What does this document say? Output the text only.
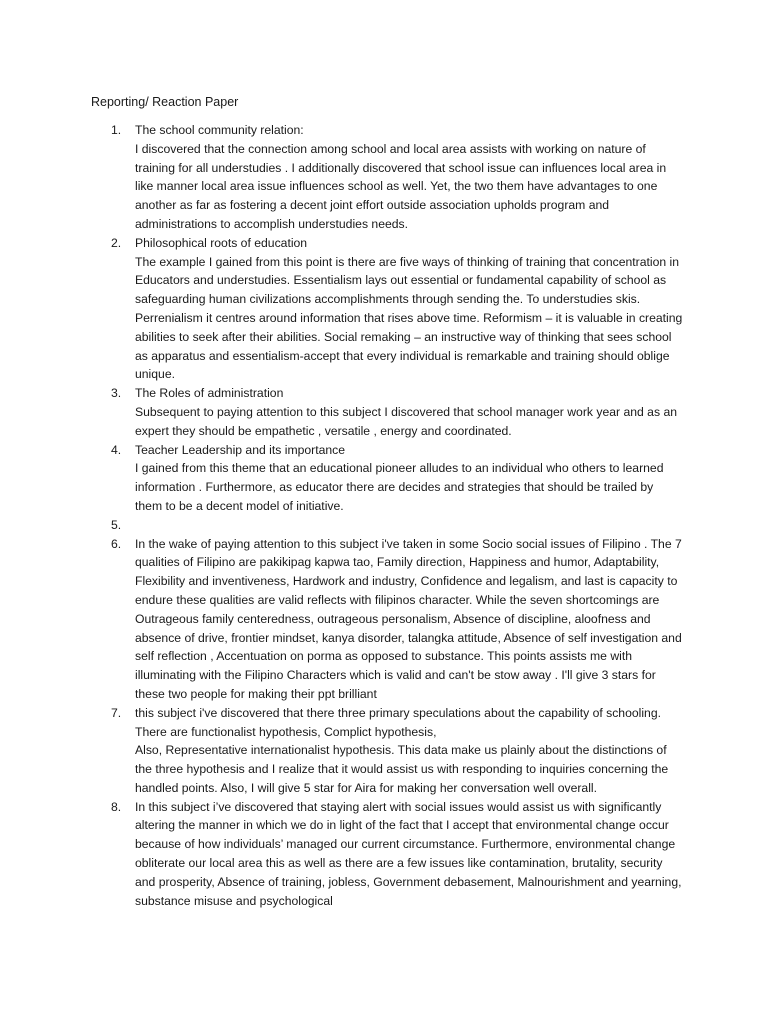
Reporting/ Reaction Paper
1. The school community relation:
I discovered that the connection among school and local area assists with working on nature of training for all understudies . I additionally discovered that school issue can influences local area in like manner local area issue influences school as well. Yet, the two them have advantages to one another as far as fostering a decent joint effort outside association upholds program and administrations to accomplish understudies needs.
2. Philosophical roots of education
The example I gained from this point is there are five ways of thinking of training that concentration in Educators and understudies. Essentialism lays out essential or fundamental capability of school as safeguarding human civilizations accomplishments through sending the. To understudies skis. Perrenialism it centres around information that rises above time. Reformism – it is valuable in creating abilities to seek after their abilities. Social remaking – an instructive way of thinking that sees school as apparatus and essentialism-accept that every individual is remarkable and training should oblige unique.
3. The Roles of administration
Subsequent to paying attention to this subject I discovered that school manager work year and as an expert they should be empathetic , versatile , energy and coordinated.
4. Teacher Leadership and its importance
I gained from this theme that an educational pioneer alludes to an individual who others to learned information . Furthermore, as educator there are decides and strategies that should be trailed by them to be a decent model of initiative.
5.
6. In the wake of paying attention to this subject i've taken in some Socio social issues of Filipino . The 7 qualities of Filipino are pakikipag kapwa tao, Family direction, Happiness and humor, Adaptability, Flexibility and inventiveness, Hardwork and industry, Confidence and legalism, and last is capacity to endure these qualities are valid reflects with filipinos character. While the seven shortcomings are Outrageous family centeredness, outrageous personalism, Absence of discipline, aloofness and absence of drive, frontier mindset, kanya disorder, talangka attitude, Absence of self investigation and self reflection , Accentuation on porma as opposed to substance. This points assists me with illuminating with the Filipino Characters which is valid and can't be stow away . I'll give 3 stars for these two people for making their ppt brilliant
7. this subject i've discovered that there three primary speculations about the capability of schooling. There are functionalist hypothesis, Complict hypothesis,
Also, Representative internationalist hypothesis. This data make us plainly about the distinctions of the three hypothesis and I realize that it would assist us with responding to inquiries concerning the handled points. Also, I will give 5 star for Aira for making her conversation well overall.
8. In this subject i’ve discovered that staying alert with social issues would assist us with significantly altering the manner in which we do in light of the fact that I accept that environmental change occur because of how individuals’ managed our current circumstance. Furthermore, environmental change obliterate our local area this as well as there are a few issues like contamination, brutality, security and prosperity, Absence of training, jobless, Government debasement, Malnourishment and yearning, substance misuse and psychological
